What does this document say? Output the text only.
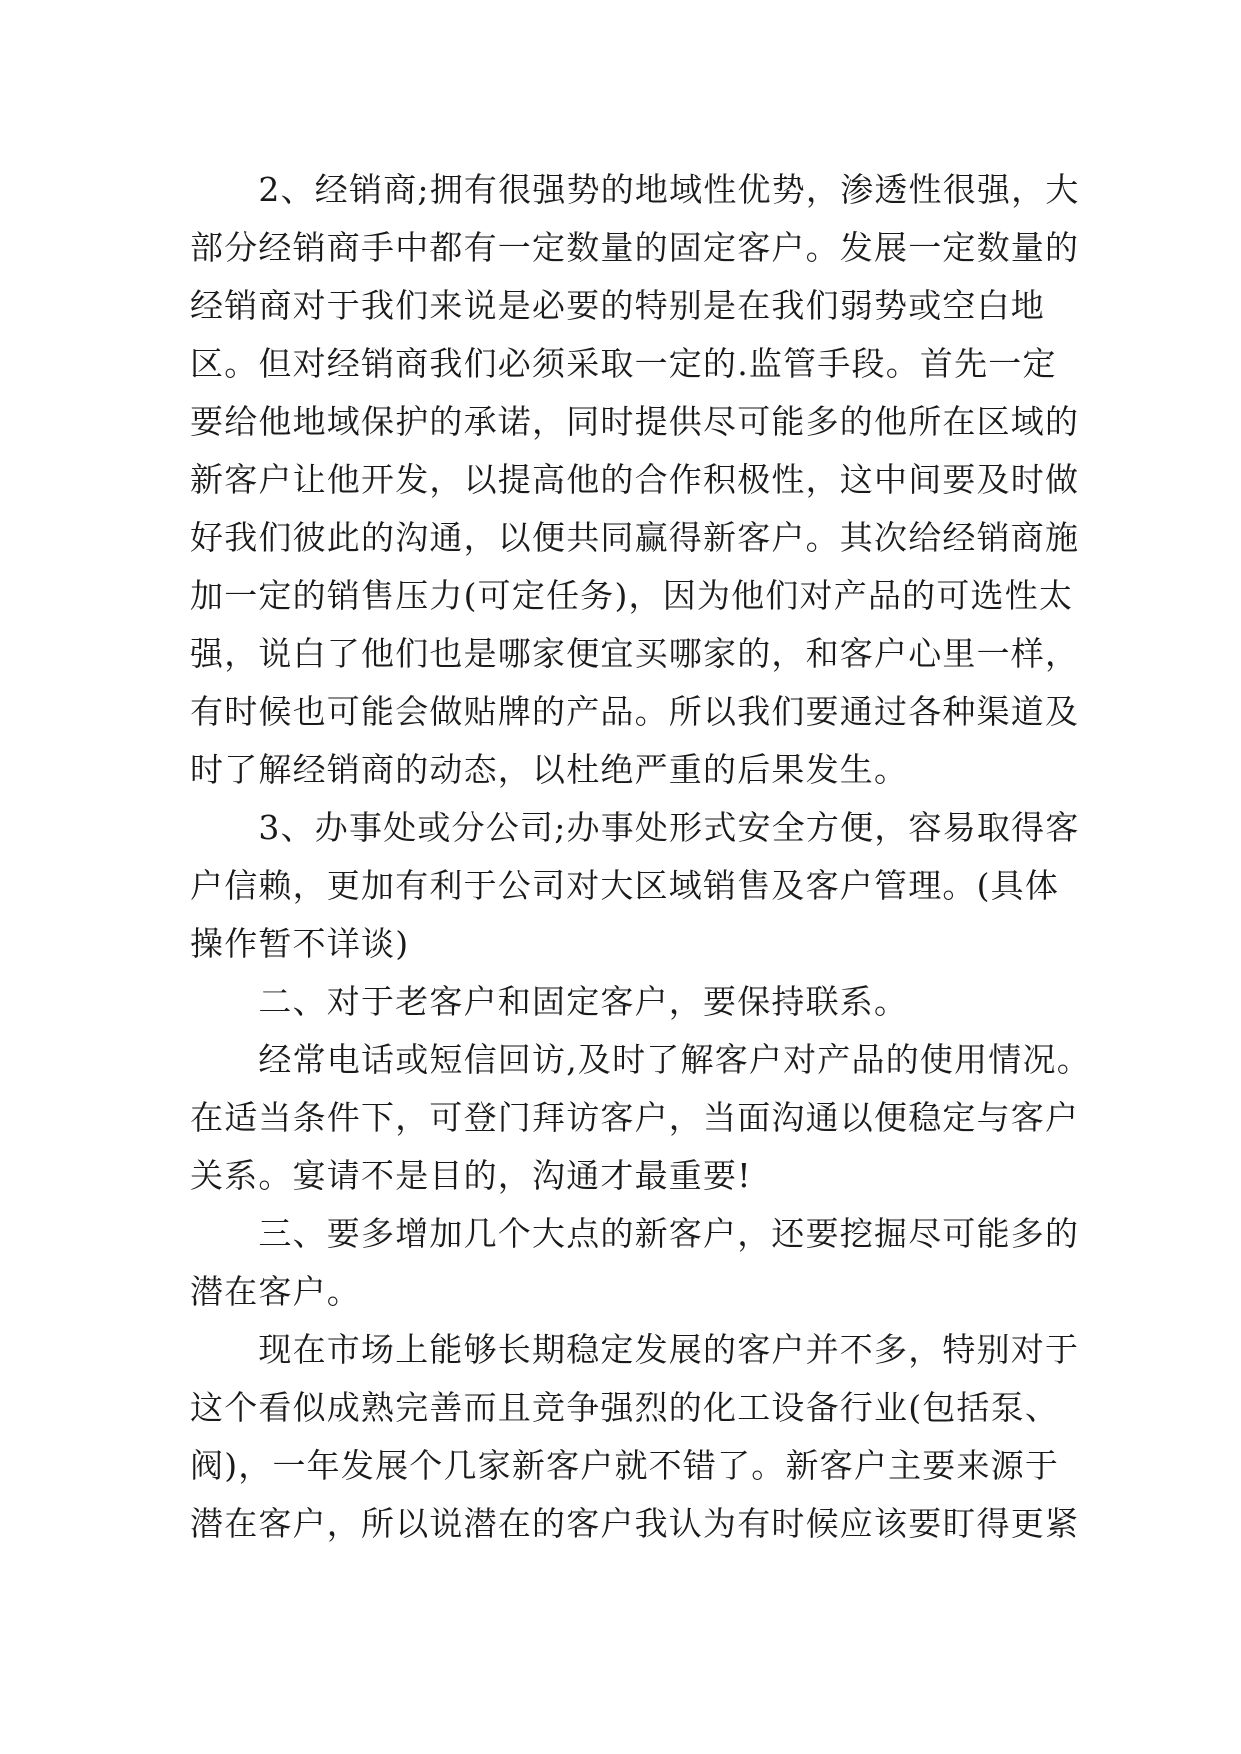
　　2、经销商;拥有很强势的地域性优势，渗透性很强，大
部分经销商手中都有一定数量的固定客户。发展一定数量的
经销商对于我们来说是必要的特别是在我们弱势或空白地
区。但对经销商我们必须采取一定的.监管手段。首先一定
要给他地域保护的承诺，同时提供尽可能多的他所在区域的
新客户让他开发，以提高他的合作积极性，这中间要及时做
好我们彼此的沟通，以便共同赢得新客户。其次给经销商施
加一定的销售压力(可定任务)，因为他们对产品的可选性太
强，说白了他们也是哪家便宜买哪家的，和客户心里一样，
有时候也可能会做贴牌的产品。所以我们要通过各种渠道及
时了解经销商的动态，以杜绝严重的后果发生。
　　3、办事处或分公司;办事处形式安全方便，容易取得客
户信赖，更加有利于公司对大区域销售及客户管理。(具体
操作暂不详谈)
　　二、对于老客户和固定客户，要保持联系。
　　经常电话或短信回访,及时了解客户对产品的使用情况。
在适当条件下，可登门拜访客户，当面沟通以便稳定与客户
关系。宴请不是目的，沟通才最重要!
　　三、要多增加几个大点的新客户，还要挖掘尽可能多的
潜在客户。
　　现在市场上能够长期稳定发展的客户并不多，特别对于
这个看似成熟完善而且竞争强烈的化工设备行业(包括泵、
阀)，一年发展个几家新客户就不错了。新客户主要来源于
潜在客户，所以说潜在的客户我认为有时候应该要盯得更紧
